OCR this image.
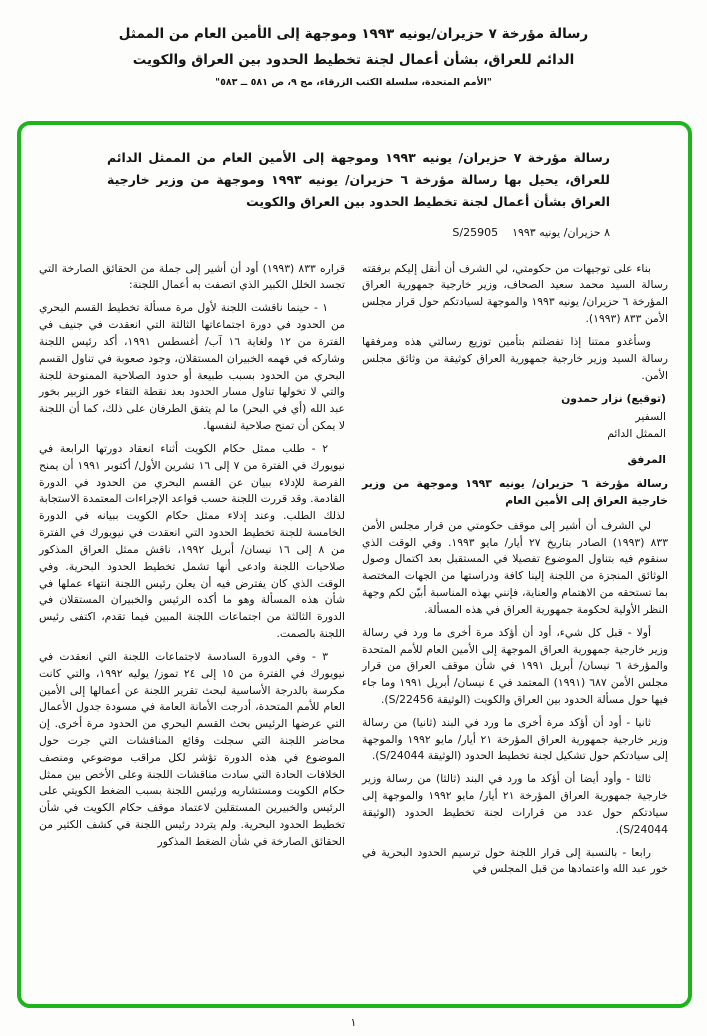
رسالة مؤرخة ٧ حزيران/يونيه ١٩٩٣ وموجهة إلى الأمين العام من الممثل
الدائم للعراق، بشأن أعمال لجنة تخطيط الحدود بين العراق والكويت
"الأمم المتحدة، سلسلة الكتب الزرقاء، مج ٩، ص ٥٨١ ــ ٥٨٣"
رسالة مؤرخة ٧ حزيران/ يونيه ١٩٩٣ وموجهة إلى الأمين العام من الممثل الدائم للعراق، يحيل بها رسالة مؤرخة ٦ حزيران/ يونيه ١٩٩٣ وموجهة من وزير خارجية العراق بشأن أعمال لجنة تخطيط الحدود بين العراق والكويت
٨ حزيران/ يونيه ١٩٩٣
S/25905

بناء على توجيهات من حكومتي، لي الشرف أن أنقل إليكم برفقته رسالة السيد محمد سعيد الصحاف، وزير خارجية جمهورية العراق المؤرخة ٦ حزيران/ يونيه ١٩٩٣ والموجهة لسيادتكم حول قرار مجلس الأمن ٨٣٣ (١٩٩٣).

وسأغدو ممتنا إذا تفضلتم بتأمين توزيع رسالتي هذه ومرفقها رسالة السيد وزير خارجية جمهورية العراق كوثيقة من وثائق مجلس الأمن.

(توقيع) نزار حمدون
السفير
الممثل الدائم
المرفق

رسالة مؤرخة ٦ حزيران/ يونيه ١٩٩٣ وموجهة من وزير خارجية العراق إلى الأمين العام

لي الشرف أن أشير إلى موقف حكومتي من قرار مجلس الأمن ٨٣٣ (١٩٩٣) الصادر بتاريخ ٢٧ أيار/ مايو ١٩٩٣. وفي الوقت الذي سنقوم فيه بتناول الموضوع تفصيلا في المستقبل بعد اكتمال وصول الوثائق المنجزة من اللجنة إلينا كافة ودراستها من الجهات المختصة بما تستحقه من الاهتمام والعناية، فإنني بهذه المناسبة أبيّن لكم وجهة النظر الأولية لحكومة جمهورية العراق في هذه المسألة.

أولا - قبل كل شيء، أود أن أؤكد مرة أخرى ما ورد في رسالة وزير خارجية جمهورية العراق الموجهة إلى الأمين العام للأمم المتحدة والمؤرخة ٦ نيسان/ أبريل ١٩٩١ في شأن موقف العراق من قرار مجلس الأمن ٦٨٧ (١٩٩١) المعتمد في ٤ نيسان/ أبريل ١٩٩١ وما جاء فيها حول مسألة الحدود بين العراق والكويت (الوثيقة S/22456).

ثانيا - أود أن أؤكد مرة أخرى ما ورد في البند (ثانيا) من رسالة وزير خارجية جمهورية العراق المؤرخة ٢١ أيار/ مايو ١٩٩٢ والموجهة إلى سيادتكم حول تشكيل لجنة تخطيط الحدود (الوثيقة S/24044).

ثالثا - وأود أيضا أن أؤكد ما ورد في البند (ثالثا) من رسالة وزير خارجية جمهورية العراق المؤرخة ٢١ أيار/ مايو ١٩٩٢ والموجهة إلى سيادتكم حول عدد من قرارات لجنة تخطيط الحدود (الوثيقة S/24044).

رابعا - بالنسبة إلى قرار اللجنة حول ترسيم الحدود البحرية في خور عبد الله واعتمادها من قبل المجلس في

قراره ٨٣٣ (١٩٩٣) أود أن أشير إلى جملة من الحقائق الصارخة التي تجسد الخلل الكبير الذي اتصفت به أعمال اللجنة:

١ - حينما ناقشت اللجنة لأول مرة مسألة تخطيط القسم البحري من الحدود في دورة اجتماعاتها الثالثة التي انعقدت في جنيف في الفترة من ١٢ ولغاية ١٦ آب/ أغسطس ١٩٩١، أكد رئيس اللجنة وشاركه في فهمه الخبيران المستقلان، وجود صعوبة في تناول القسم البحري من الحدود بسبب طبيعة أو حدود الصلاحية الممنوحة للجنة والتي لا تخولها تناول مسار الحدود بعد نقطة التقاء خور الزبير بخور عبد الله (أي في البحر) ما لم يتفق الطرفان على ذلك، كما أن اللجنة لا يمكن أن تمنح صلاحية لنفسها.

٢ - طلب ممثل حكام الكويت أثناء انعقاد دورتها الرابعة في نيويورك في الفترة من ٧ إلى ١٦ تشرين الأول/ أكتوبر ١٩٩١ أن يمنح الفرصة للإدلاء ببيان عن القسم البحري من الحدود في الدورة القادمة. وقد قررت اللجنة حسب قواعد الإجراءات المعتمدة الاستجابة لذلك الطلب. وعند إدلاء ممثل حكام الكويت ببيانه في الدورة الخامسة للجنة تخطيط الحدود التي انعقدت في نيويورك في الفترة من ٨ إلى ١٦ نيسان/ أبريل ١٩٩٢، ناقش ممثل العراق المذكور صلاحيات اللجنة وادعى أنها تشمل تخطيط الحدود البحرية. وفي الوقت الذي كان يفترض فيه أن يعلن رئيس اللجنة انتهاء عملها في شأن هذه المسألة وهو ما أكده الرئيس والخبيران المستقلان في الدورة الثالثة من اجتماعات اللجنة المبين فيما تقدم، اكتفى رئيس اللجنة بالصمت.

٣ - وفي الدورة السادسة لاجتماعات اللجنة التي انعقدت في نيويورك في الفترة من ١٥ إلى ٢٤ تموز/ يوليه ١٩٩٢، والتي كانت مكرسة بالدرجة الأساسية لبحث تقرير اللجنة عن أعمالها إلى الأمين العام للأمم المتحدة، أدرجت الأمانة العامة في مسودة جدول الأعمال التي عرضها الرئيس بحث القسم البحري من الحدود مرة أخرى. إن محاضر اللجنة التي سجلت وقائع المناقشات التي جرت حول الموضوع في هذه الدورة تؤشر لكل مراقب موضوعي ومنصف الخلافات الحادة التي سادت مناقشات اللجنة وعلى الأخص بين ممثل حكام الكويت ومستشاريه ورئيس اللجنة بسبب الضغط الكويتي على الرئيس والخبيرين المستقلين لاعتماد موقف حكام الكويت في شأن تخطيط الحدود البحرية. ولم يتردد رئيس اللجنة في كشف الكثير من الحقائق الصارخة في شأن الضغط المذكور

١
